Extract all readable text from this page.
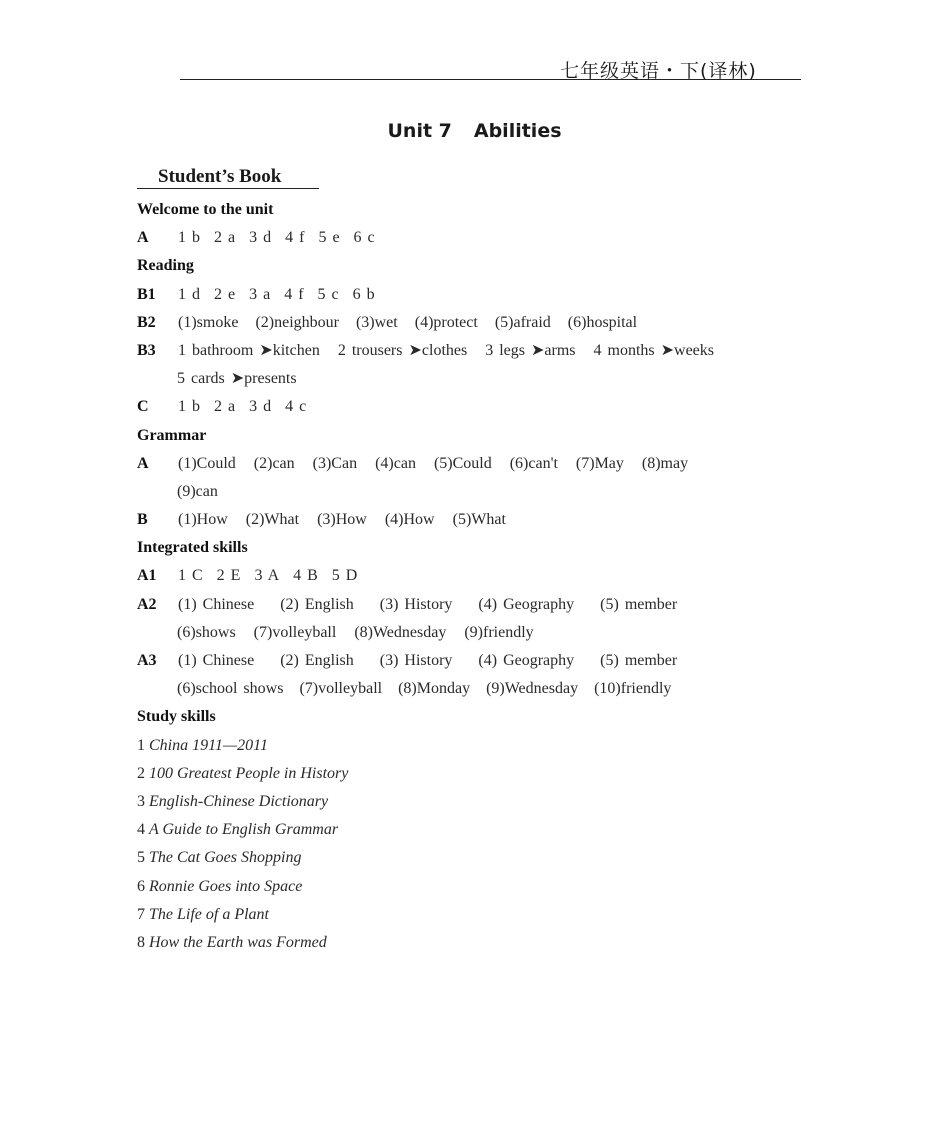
七年级英语・下(译林)
Unit 7 Abilities
Student’s Book
Welcome to the unit
A 1 b 2 a 3 d 4 f 5 e 6 c
Reading
B1 1 d 2 e 3 a 4 f 5 c 6 b
B2 (1)smoke (2)neighbour (3)wet (4)protect (5)afraid (6)hospital
B3 1 bathroom ➤kitchen 2 trousers ➤clothes 3 legs ➤arms 4 months ➤weeks
5 cards ➤presents
C 1 b 2 a 3 d 4 c
Grammar
A (1)Could (2)can (3)Can (4)can (5)Could (6)can't (7)May (8)may
(9)can
B (1)How (2)What (3)How (4)How (5)What
Integrated skills
A1 1 C 2 E 3 A 4 B 5 D
A2 (1) Chinese (2) English (3) History (4) Geography (5) member
(6)shows (7)volleyball (8)Wednesday (9)friendly
A3 (1) Chinese (2) English (3) History (4) Geography (5) member
(6)school shows (7)volleyball (8)Monday (9)Wednesday (10)friendly
Study skills
1 China 1911—2011
2 100 Greatest People in History
3 English-Chinese Dictionary
4 A Guide to English Grammar
5 The Cat Goes Shopping
6 Ronnie Goes into Space
7 The Life of a Plant
8 How the Earth was Formed
